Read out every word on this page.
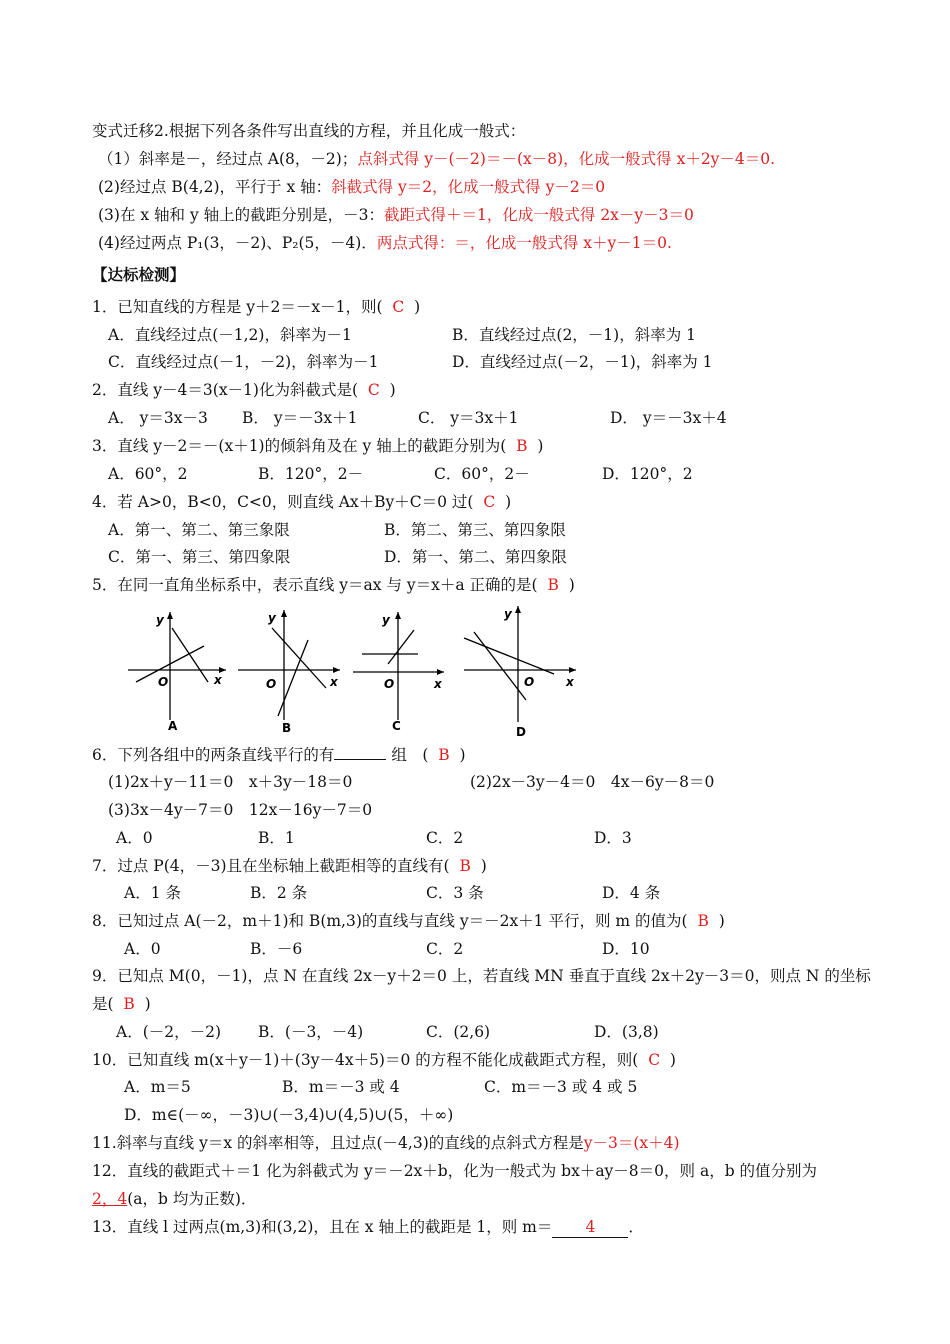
变式迁移2.根据下列各条件写出直线的方程，并且化成一般式：
（1）斜率是－，经过点 A(8，－2)；点斜式得 y－(－2)＝－(x－8)，化成一般式得 x＋2y－4＝0.
(2)经过点 B(4,2)，平行于 x 轴：斜截式得 y＝2，化成一般式得 y－2＝0
(3)在 x 轴和 y 轴上的截距分别是，－3：截距式得＋＝1，化成一般式得 2x－y－3＝0
(4)经过两点 P₁(3，－2)、P₂(5，－4)．两点式得：＝，化成一般式得 x＋y－1＝0.
【达标检测】
1．已知直线的方程是 y＋2＝－x－1，则( C )
A．直线经过点(－1,2)，斜率为－1	B．直线经过点(2，－1)，斜率为 1
C．直线经过点(－1，－2)，斜率为－1	D．直线经过点(－2，－1)，斜率为 1
2．直线 y－4＝3(x－1)化为斜截式是( C )
A． y＝3x－3 B． y＝－3x＋1	C． y＝3x＋1	D． y＝－3x＋4
3．直线 y－2＝－(x＋1)的倾斜角及在 y 轴上的截距分别为( B )
A．60°，2	B．120°，2－	C．60°，2－	D．120°，2
4．若 A>0，B<0，C<0，则直线 Ax＋By＋C＝0 过( C )
A．第一、第二、第三象限	B．第二、第三、第四象限
C．第一、第三、第四象限	D．第一、第二、第四象限
5．在同一直角坐标系中，表示直线 y＝ax 与 y＝x＋a 正确的是( B )
y
x
O
A
y
x
O
B
y
x
O
C
y
x
O
D
6．下列各组中的两条直线平行的有	组　( B )
(1)2x＋y－11＝0　x＋3y－18＝0	(2)2x－3y－4＝0　4x－6y－8＝0
(3)3x－4y－7＝0　12x－16y－7＝0
A．0	B．1	C．2	D．3
7．过点 P(4，－3)且在坐标轴上截距相等的直线有( B )
A．1 条	B．2 条	C．3 条	D．4 条
8．已知过点 A(－2，m＋1)和 B(m,3)的直线与直线 y＝－2x＋1 平行，则 m 的值为( B )
A．0	B．－6	C．2	D．10
9．已知点 M(0，－1)，点 N 在直线 2x－y＋2＝0 上，若直线 MN 垂直于直线 2x＋2y－3＝0，则点 N 的坐标
是( B )
A．(－2，－2) B．(－3，－4)	C．(2,6)	D．(3,8)
10．已知直线 m(x＋y－1)＋(3y－4x＋5)＝0 的方程不能化成截距式方程，则( C )
A．m＝5	B．m＝－3 或 4	C．m＝－3 或 4 或 5
D．m∈(－∞，－3)∪(－3,4)∪(4,5)∪(5，＋∞)
11.斜率与直线 y＝x 的斜率相等，且过点(－4,3)的直线的点斜式方程是y－3＝(x＋4)
12．直线的截距式＋＝1 化为斜截式为 y＝－2x＋b，化为一般式为 bx＋ay－8＝0，则 a，b 的值分别为
2，4(a，b 均为正数)．
13．直线 l 过两点(m,3)和(3,2)，且在 x 轴上的截距是 1，则 m＝ 4 ．
